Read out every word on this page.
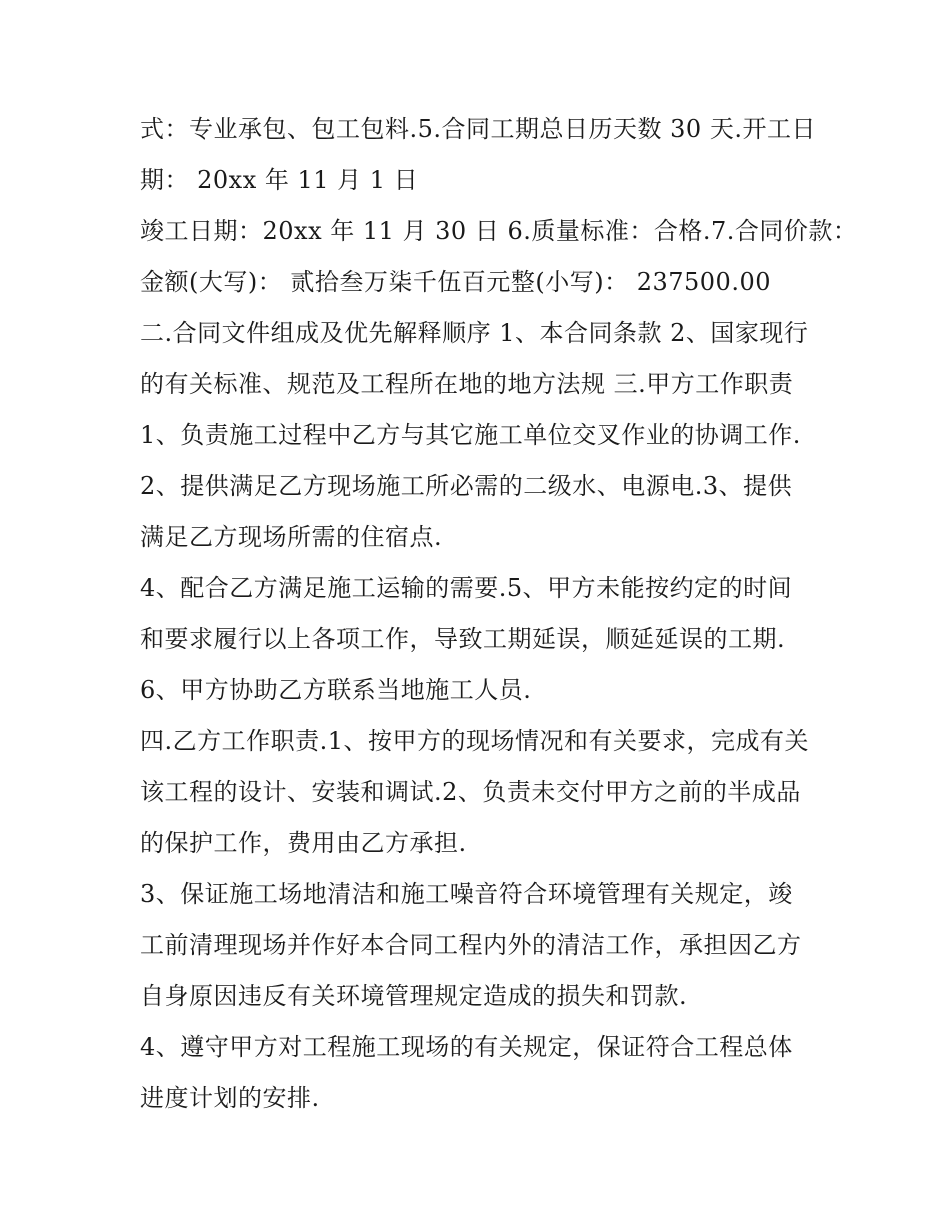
式：专业承包、包工包料.5.合同工期总日历天数 30 天.开工日
期： 20xx 年 11 月 1 日
竣工日期：20xx 年 11 月 30 日 6.质量标准：合格.7.合同价款：
金额(大写)： 贰拾叁万柒千伍百元整(小写)： 237500.00
二.合同文件组成及优先解释顺序 1、本合同条款 2、国家现行
的有关标准、规范及工程所在地的地方法规 三.甲方工作职责
1、负责施工过程中乙方与其它施工单位交叉作业的协调工作.
2、提供满足乙方现场施工所必需的二级水、电源电.3、提供
满足乙方现场所需的住宿点.
4、配合乙方满足施工运输的需要.5、甲方未能按约定的时间
和要求履行以上各项工作，导致工期延误，顺延延误的工期.
6、甲方协助乙方联系当地施工人员.
四.乙方工作职责.1、按甲方的现场情况和有关要求，完成有关
该工程的设计、安装和调试.2、负责未交付甲方之前的半成品
的保护工作，费用由乙方承担.
3、保证施工场地清洁和施工噪音符合环境管理有关规定，竣
工前清理现场并作好本合同工程内外的清洁工作，承担因乙方
自身原因违反有关环境管理规定造成的损失和罚款.
4、遵守甲方对工程施工现场的有关规定，保证符合工程总体
进度计划的安排.
